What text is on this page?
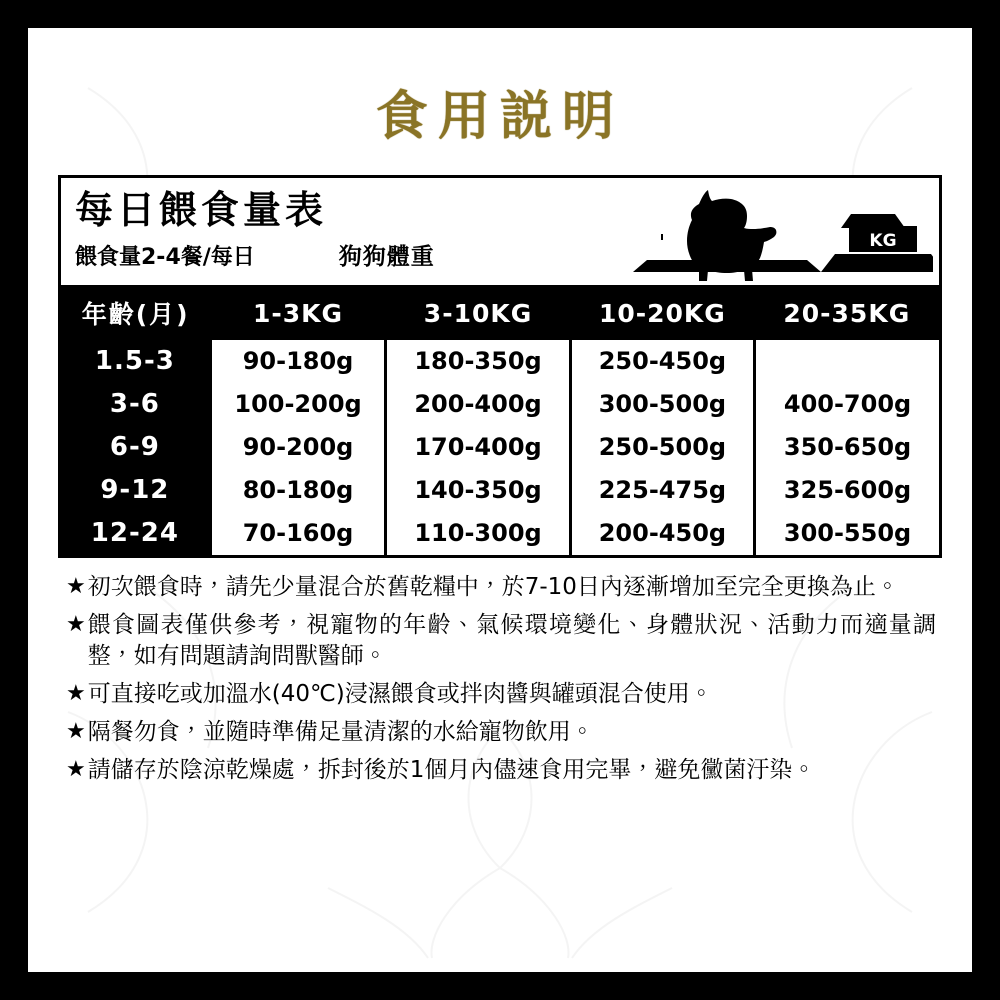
食用説明
每日餵食量表
餵食量2-4餐/每日	狗狗體重
KG
年齡(月)	1-3KG	3-10KG	10-20KG	20-35KG
1.5-3	90-180g	180-350g	250-450g	
3-6	100-200g	200-400g	300-500g	400-700g
6-9	90-200g	170-400g	250-500g	350-650g
9-12	80-180g	140-350g	225-475g	325-600g
12-24	70-160g	110-300g	200-450g	300-550g
★ 初次餵食時，請先少量混合於舊乾糧中，於7-10日內逐漸增加至完全更換為止。
★ 餵食圖表僅供參考，視寵物的年齡、氣候環境變化、身體狀況、活動力而適量調整，如有問題請詢問獸醫師。
★ 可直接吃或加溫水(40℃)浸濕餵食或拌肉醬與罐頭混合使用。
★ 隔餐勿食，並隨時準備足量清潔的水給寵物飲用。
★ 請儲存於陰涼乾燥處，拆封後於1個月內儘速食用完畢，避免黴菌汙染。
